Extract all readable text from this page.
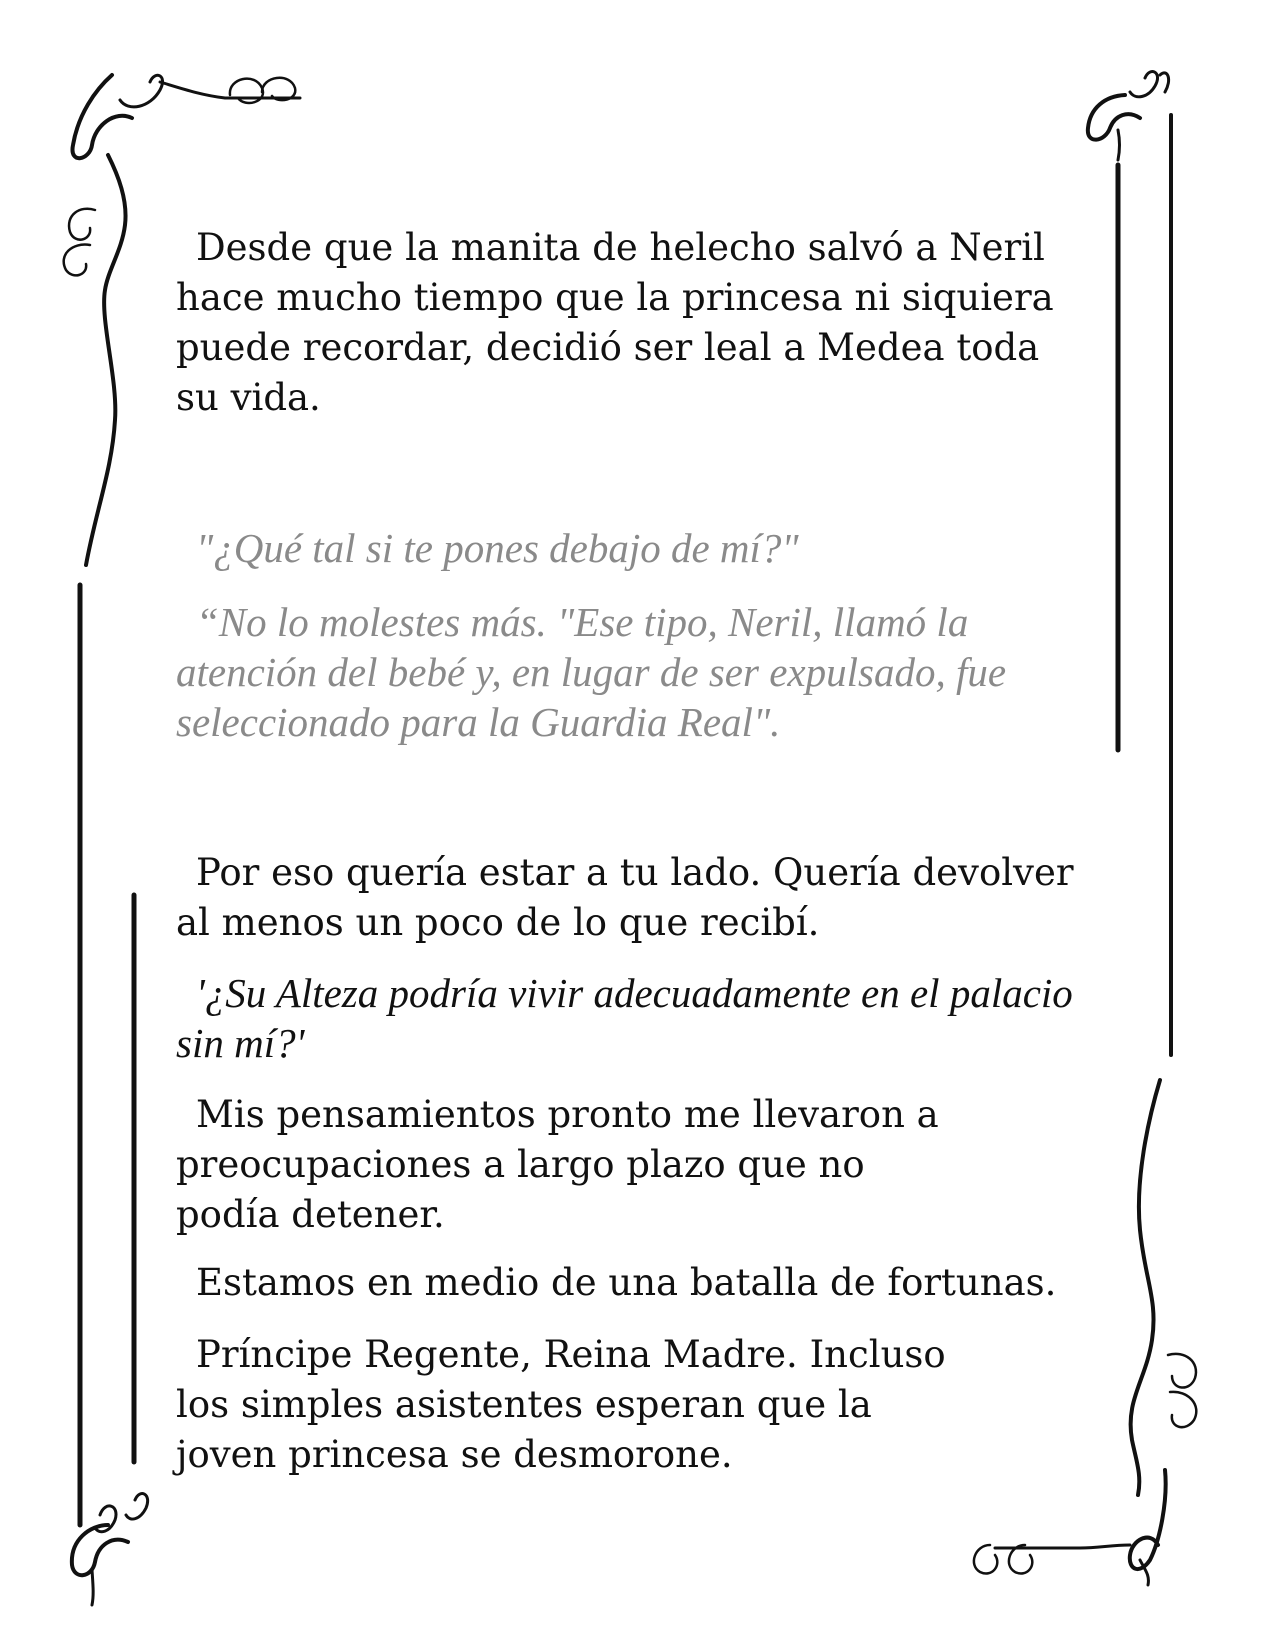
Desde que la manita de helecho salvó a Neril hace mucho tiempo que la princesa ni siquiera puede recordar, decidió ser leal a Medea toda su vida.

"¿Qué tal si te pones debajo de mí?"

“No lo molestes más. "Ese tipo, Neril, llamó la atención del bebé y, en lugar de ser expulsado, fue seleccionado para la Guardia Real".

Por eso quería estar a tu lado. Quería devolver al menos un poco de lo que recibí.

'¿Su Alteza podría vivir adecuadamente en el palacio sin mí?'

Mis pensamientos pronto me llevaron a preocupaciones a largo plazo que no podía detener.

Estamos en medio de una batalla de fortunas.

Príncipe Regente, Reina Madre. Incluso los simples asistentes esperan que la joven princesa se desmorone.
